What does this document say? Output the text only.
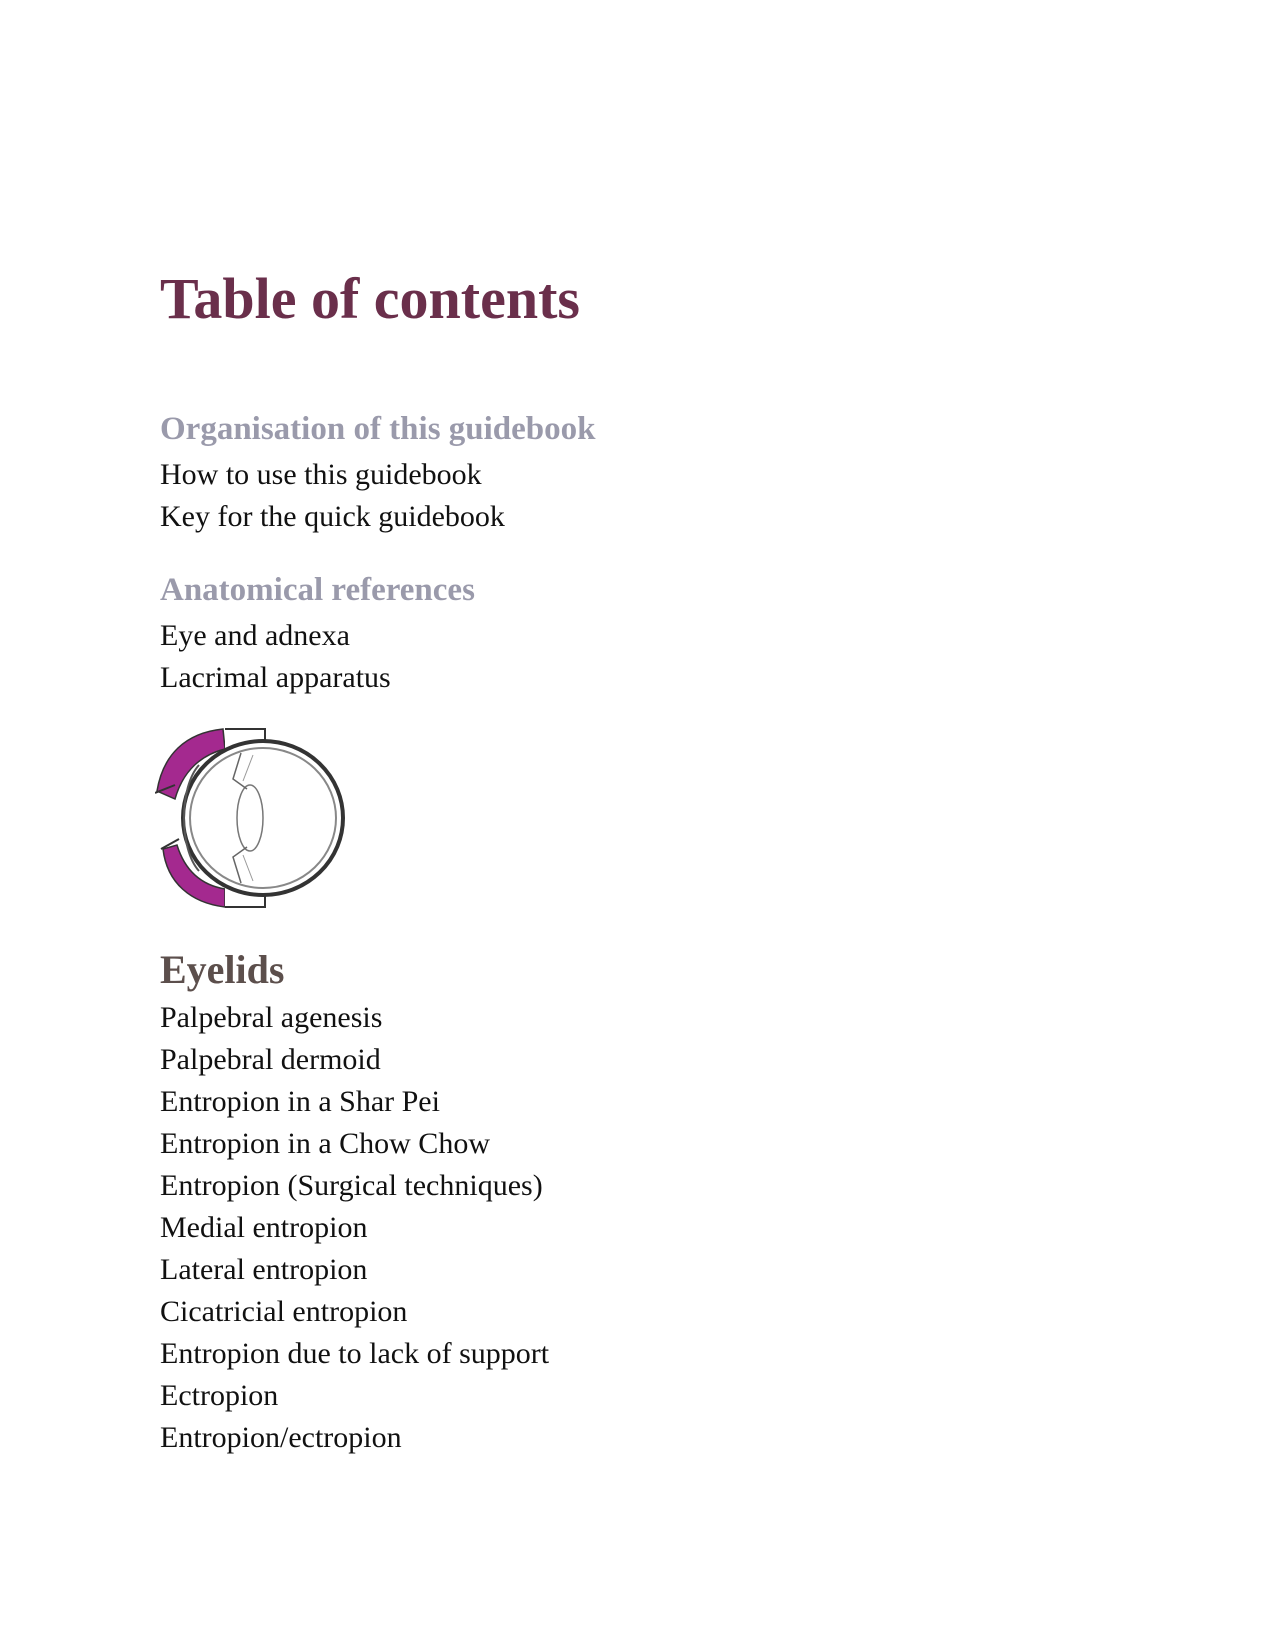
Table of contents
Organisation of this guidebook

How to use this guidebook

Key for the quick guidebook

Anatomical references

Eye and adnexa

Lacrimal apparatus

Eyelids

Palpebral agenesis

Palpebral dermoid

Entropion in a Shar Pei

Entropion in a Chow Chow

Entropion (Surgical techniques)

Medial entropion

Lateral entropion

Cicatricial entropion

Entropion due to lack of support

Ectropion

Entropion/ectropion
